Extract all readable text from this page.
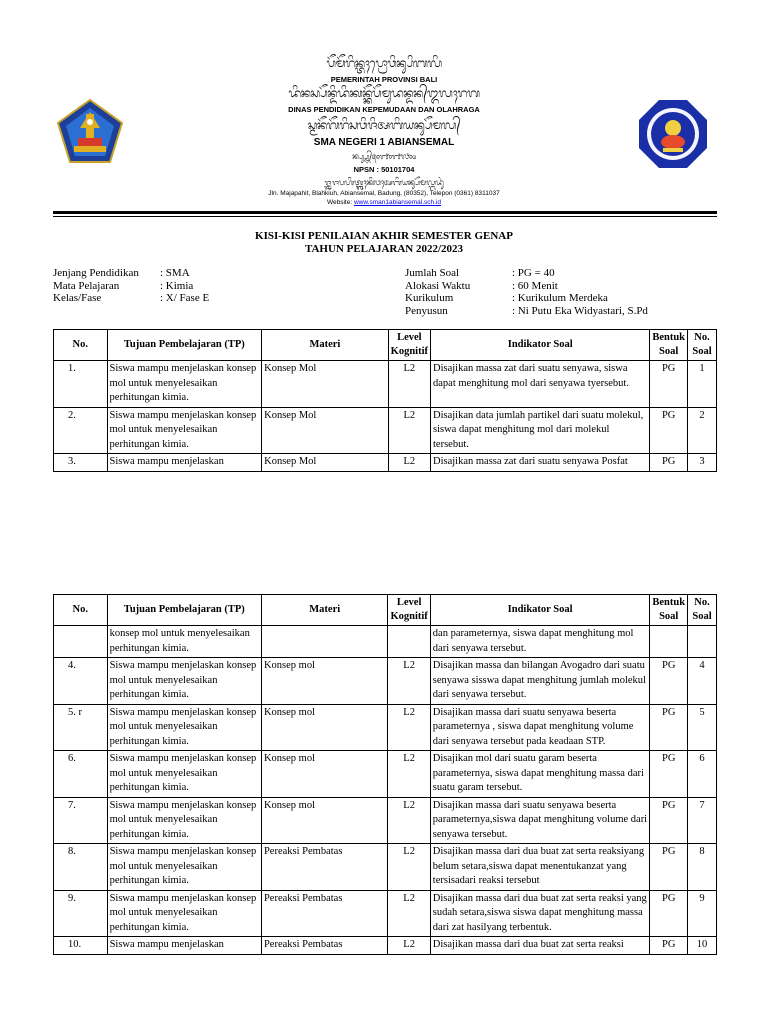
ᬧᭂᬫᭂᬭᬶᬦ᭄ᬢᬄᬧ᭄ᬭᭀᬯᬶᬦ᭄ᬲᬶᬩᬮᬶ
PEMERINTAH PROVINSI BALI
ᬤᬶᬦᬲ᭄ᬧᭂᬦ᭄ᬤᬶᬤᬶᬓᬦ᭄ᬓᭂᬧᭂᬫᬸᬤᬦ᭄ᬤᬦ᭄ᬑᬮᬄᬭᬕ
DINAS PENDIDIKAN KEPEMUDAAN DAN OLAHRAGA
ᬲ᭄ᬫᬦᭂᬕᭂᬭᬶᬲᬯᬶᬚᬶᬅᬩᬶᬬᬦ᭄ᬲᭂᬫᬮ᭄
SMA NEGERI 1 ABIANSEMAL
ᬦ᭄ᬧ᭄ᬲ᭄ᬦ᭄᭕᭐᭑᭐᭑᭗᭐᭔
NPSN : 50101704
ᬚ᭄ᬮ᭄ᬫᬚᬧᬳᬶᬢ᭄ᬩ᭄ᬮᬄᬓᬶᬯᬄᬅᬩᬶᬬᬦ᭄ᬲᭂᬫᬮ᭄ᬩᬤᬸᬂ
Jln. Majapahit, Blahkiuh, Abiansemal, Badung, (80352), Telepon (0361) 8311037
Website: www.sman1abiansemal.sch.id
KISI-KISI PENILAIAN AKHIR SEMESTER GENAP
TAHUN PELAJARAN 2022/2023
Jenjang Pendidikan : SMA
Mata Pelajaran	: Kimia
Kelas/Fase	: X/ Fase E
Jumlah Soal	: PG = 40
Alokasi Waktu	: 60 Menit
Kurikulum	: Kurikulum Merdeka
Penyusun	: Ni Putu Eka Widyastari, S.Pd
No.	Tujuan Pembelajaran (TP)	Materi	Level Kognitif	Indikator Soal	Bentuk Soal	No. Soal
1.	Siswa mampu menjelaskan konsep mol untuk menyelesaikan perhitungan kimia.	Konsep Mol	L2	Disajikan massa zat dari suatu senyawa, siswa dapat menghitung mol dari senyawa tyersebut.	PG	1
2.	Siswa mampu menjelaskan konsep mol untuk menyelesaikan perhitungan kimia.	Konsep Mol	L2	Disajikan data jumlah partikel dari suatu molekul, siswa dapat menghitung mol dari molekul tersebut.	PG	2
3.	Siswa mampu menjelaskan	Konsep Mol	L2	Disajikan massa zat dari suatu senyawa Posfat	PG	3
No.	Tujuan Pembelajaran (TP)	Materi	Level Kognitif	Indikator Soal	Bentuk Soal	No. Soal
	konsep mol untuk menyelesaikan perhitungan kimia.			dan parameternya, siswa dapat menghitung mol dari senyawa tersebut.		
4.	Siswa mampu menjelaskan konsep mol untuk menyelesaikan perhitungan kimia.	Konsep mol	L2	Disajikan massa dan bilangan Avogadro dari suatu senyawa sisswa dapat menghitung jumlah molekul dari senyawa tersebut.	PG	4
5. r	Siswa mampu menjelaskan konsep mol untuk menyelesaikan perhitungan kimia.	Konsep mol	L2	Disajikan massa dari suatu senyawa beserta parameternya , siswa dapat menghitung volume dari senyawa tersebut pada keadaan STP.	PG	5
6.	Siswa mampu menjelaskan konsep mol untuk menyelesaikan perhitungan kimia.	Konsep mol	L2	Disajikan mol dari suatu garam beserta parameternya, siswa dapat menghitung massa dari suatu garam tersebut.	PG	6
7.	Siswa mampu menjelaskan konsep mol untuk menyelesaikan perhitungan kimia.	Konsep mol	L2	Disajikan massa dari suatu senyawa beserta parameternya,siswa dapat menghitung volume dari senyawa tersebut.	PG	7
8.	Siswa mampu menjelaskan konsep mol untuk menyelesaikan perhitungan kimia.	Pereaksi Pembatas	L2	Disajikan massa dari dua buat zat serta reaksiyang belum setara,siswa dapat menentukanzat yang tersisadari reaksi tersebut	PG	8
9.	Siswa mampu menjelaskan konsep mol untuk menyelesaikan perhitungan kimia.	Pereaksi Pembatas	L2	Disajikan massa dari dua buat zat serta reaksi yang sudah setara,siswa siswa dapat menghitung massa dari zat hasilyang terbentuk.	PG	9
10.	Siswa mampu menjelaskan	Pereaksi Pembatas	L2	Disajikan massa dari dua buat zat serta reaksi	PG	10
